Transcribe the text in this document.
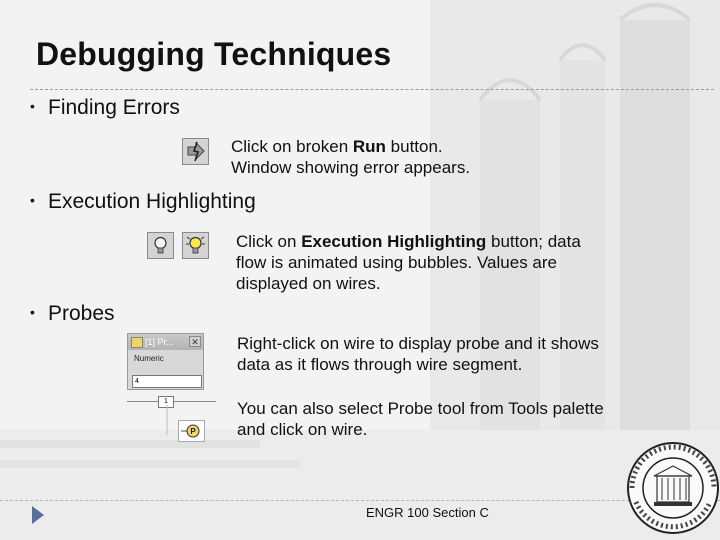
Debugging Techniques
• Finding Errors
Click on broken Run button.
Window showing error appears.
• Execution Highlighting
Click on Execution Highlighting button; data
flow is animated using bubbles. Values are
displayed on wires.
• Probes
[1] Pr... ✕
Numeric
4
1
P
Right-click on wire to display probe and it shows
data as it flows through wire segment.
You can also select Probe tool from Tools palette
and click on wire.
ENGR 100 Section C
